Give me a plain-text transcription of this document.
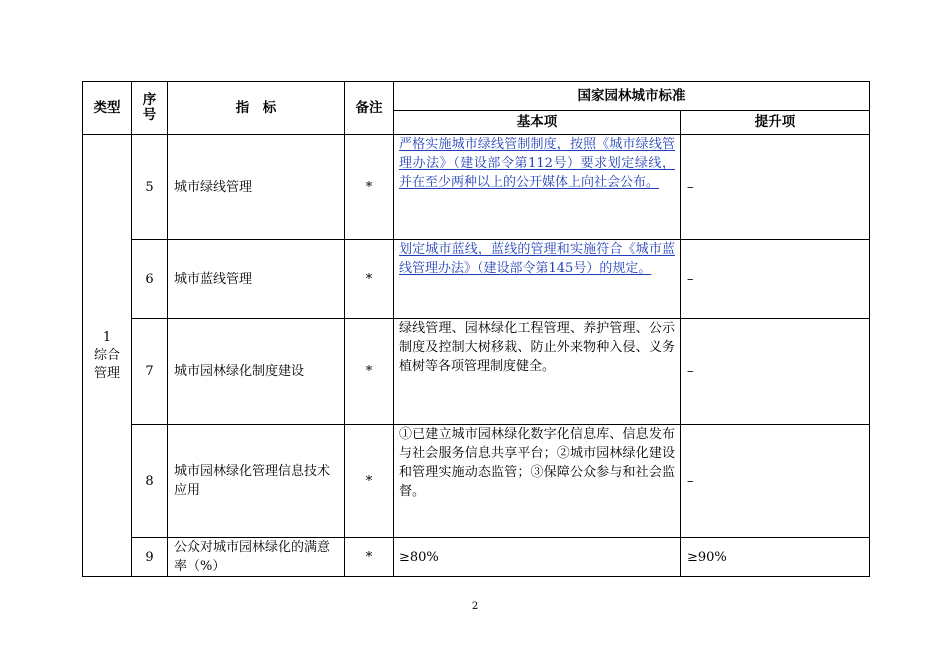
类型	序号	指　标	备注	国家园林城市标准	
				基本项	提升项

1
综合管理	5	城市绿线管理	*	严格实施城市绿线管制制度，按照《城市绿线管理办法》（建设部令第112号）要求划定绿线，并在至少两种以上的公开媒体上向社会公布。	–
	6	城市蓝线管理	*	划定城市蓝线，蓝线的管理和实施符合《城市蓝线管理办法》（建设部令第145号）的规定。	–
	7	城市园林绿化制度建设	*	绿线管理、园林绿化工程管理、养护管理、公示制度及控制大树移栽、防止外来物种入侵、义务植树等各项管理制度健全。	–
	8	城市园林绿化管理信息技术应用	*	①已建立城市园林绿化数字化信息库、信息发布与社会服务信息共享平台；②城市园林绿化建设和管理实施动态监管；③保障公众参与和社会监督。	–
	9	公众对城市园林绿化的满意率（%）	*	≥80%	≥90%
2
